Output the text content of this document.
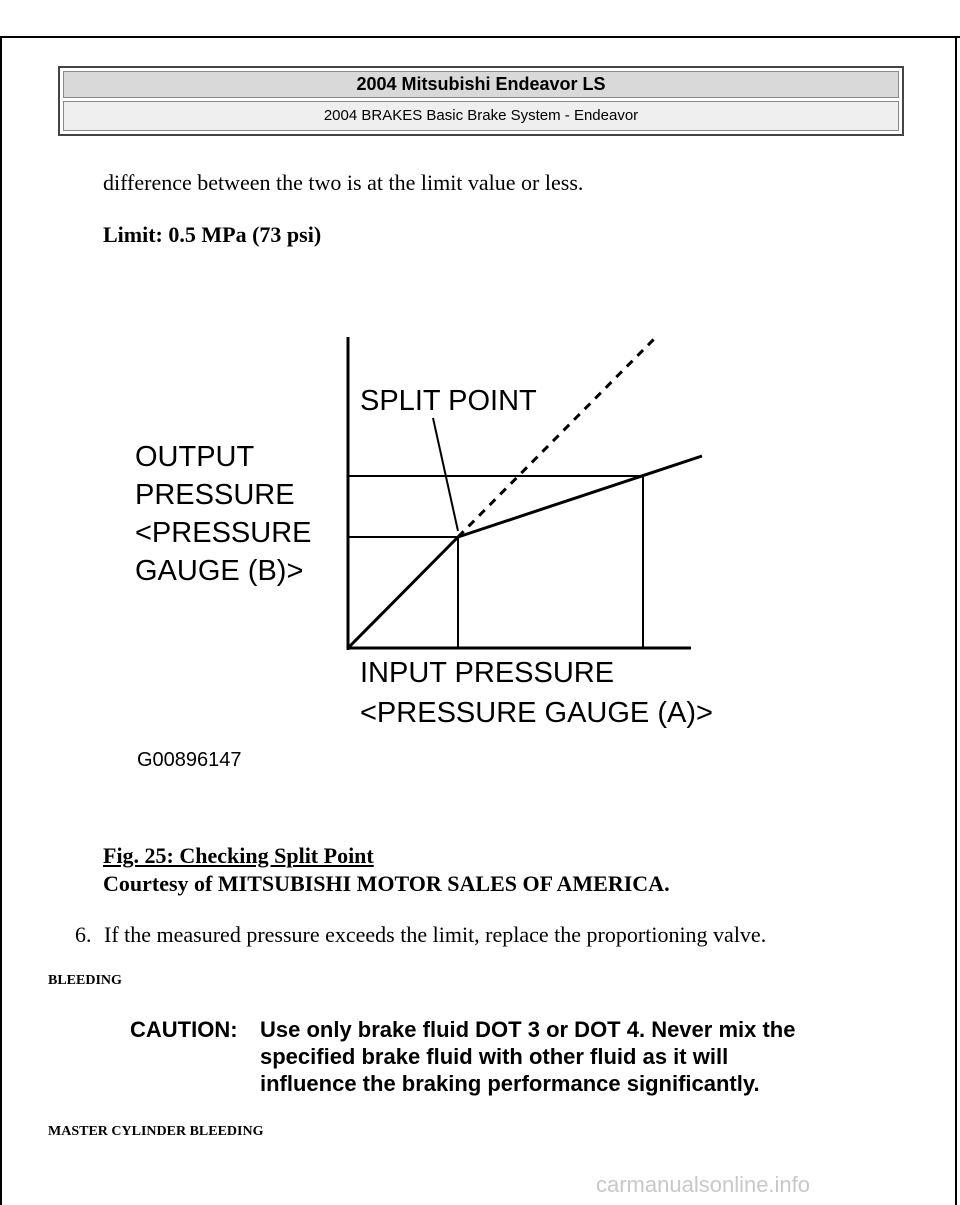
2004 Mitsubishi Endeavor LS
2004 BRAKES Basic Brake System - Endeavor
difference between the two is at the limit value or less.
Limit: 0.5 MPa (73 psi)
SPLIT POINT
OUTPUT
PRESSURE
<PRESSURE
GAUGE (B)>
INPUT PRESSURE
<PRESSURE GAUGE (A)>
G00896147
Fig. 25: Checking Split Point
Courtesy of MITSUBISHI MOTOR SALES OF AMERICA.
6. If the measured pressure exceeds the limit, replace the proportioning valve.
BLEEDING
CAUTION: Use only brake fluid DOT 3 or DOT 4. Never mix the
specified brake fluid with other fluid as it will
influence the braking performance significantly.
MASTER CYLINDER BLEEDING
carmanualsonline.info
